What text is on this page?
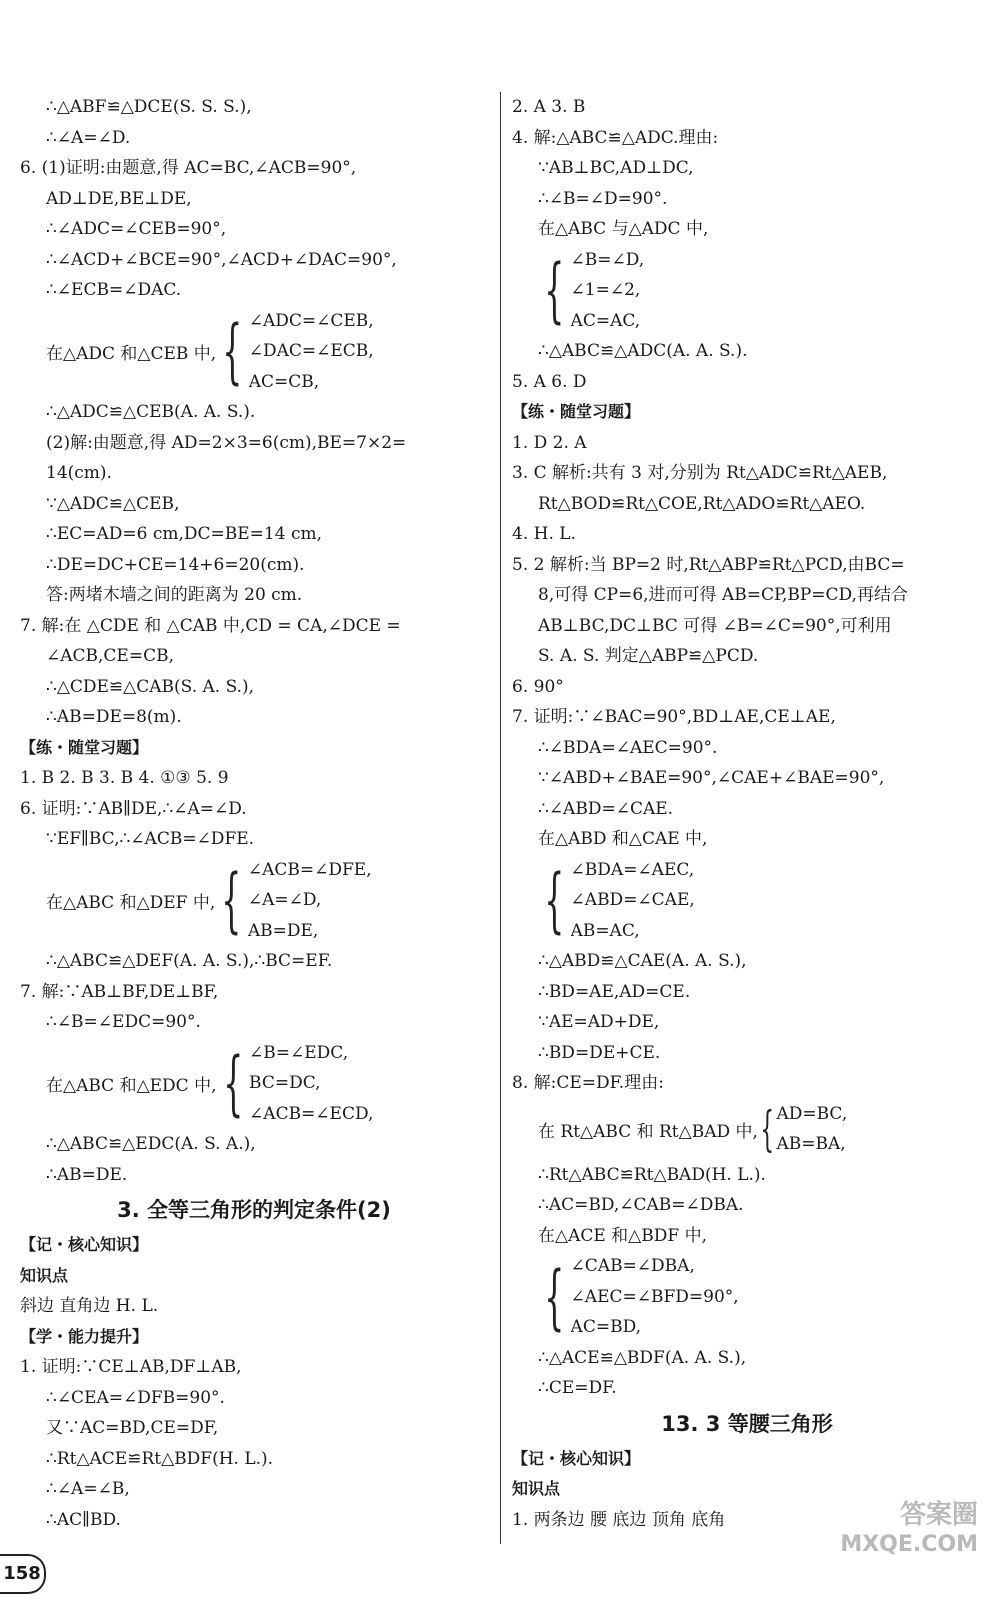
∴△ABF≌△DCE(S. S. S.),
∴∠A=∠D.
6. (1)证明:由题意,得 AC=BC,∠ACB=90°,
AD⊥DE,BE⊥DE,
∴∠ADC=∠CEB=90°,
∴∠ACD+∠BCE=90°,∠ACD+∠DAC=90°,
∴∠ECB=∠DAC.
在△ADC 和△CEB 中, { ∠ADC=∠CEB,
∠DAC=∠ECB,
AC=CB,
∴△ADC≌△CEB(A. A. S.).
(2)解:由题意,得 AD=2×3=6(cm),BE=7×2=
14(cm).
∵△ADC≌△CEB,
∴EC=AD=6 cm,DC=BE=14 cm,
∴DE=DC+CE=14+6=20(cm).
答:两堵木墙之间的距离为 20 cm.
7. 解:在 △CDE 和 △CAB 中,CD = CA,∠DCE =
∠ACB,CE=CB,
∴△CDE≌△CAB(S. A. S.),
∴AB=DE=8(m).
【练・随堂习题】
1. B 2. B 3. B 4. ①③ 5. 9
6. 证明:∵AB∥DE,∴∠A=∠D.
∵EF∥BC,∴∠ACB=∠DFE.
在△ABC 和△DEF 中, { ∠ACB=∠DFE,
∠A=∠D,
AB=DE,
∴△ABC≌△DEF(A. A. S.),∴BC=EF.
7. 解:∵AB⊥BF,DE⊥BF,
∴∠B=∠EDC=90°.
在△ABC 和△EDC 中, { ∠B=∠EDC,
BC=DC,
∠ACB=∠ECD,
∴△ABC≌△EDC(A. S. A.),
∴AB=DE.
3. 全等三角形的判定条件(2)
【记・核心知识】
知识点
斜边 直角边 H. L.
【学・能力提升】
1. 证明:∵CE⊥AB,DF⊥AB,
∴∠CEA=∠DFB=90°.
又∵AC=BD,CE=DF,
∴Rt△ACE≌Rt△BDF(H. L.).
∴∠A=∠B,
∴AC∥BD.
2. A 3. B
4. 解:△ABC≌△ADC.理由:
∵AB⊥BC,AD⊥DC,
∴∠B=∠D=90°.
在△ABC 与△ADC 中,
{ ∠B=∠D,
∠1=∠2,
AC=AC,
∴△ABC≌△ADC(A. A. S.).
5. A 6. D
【练・随堂习题】
1. D 2. A
3. C 解析:共有 3 对,分别为 Rt△ADC≌Rt△AEB,
Rt△BOD≌Rt△COE,Rt△ADO≌Rt△AEO.
4. H. L.
5. 2 解析:当 BP=2 时,Rt△ABP≌Rt△PCD,由BC=
8,可得 CP=6,进而可得 AB=CP,BP=CD,再结合
AB⊥BC,DC⊥BC 可得 ∠B=∠C=90°,可利用
S. A. S. 判定△ABP≌△PCD.
6. 90°
7. 证明:∵∠BAC=90°,BD⊥AE,CE⊥AE,
∴∠BDA=∠AEC=90°.
∵∠ABD+∠BAE=90°,∠CAE+∠BAE=90°,
∴∠ABD=∠CAE.
在△ABD 和△CAE 中,
{ ∠BDA=∠AEC,
∠ABD=∠CAE,
AB=AC,
∴△ABD≌△CAE(A. A. S.),
∴BD=AE,AD=CE.
∵AE=AD+DE,
∴BD=DE+CE.
8. 解:CE=DF.理由:
在 Rt△ABC 和 Rt△BAD 中, { AD=BC,
AB=BA,
∴Rt△ABC≌Rt△BAD(H. L.).
∴AC=BD,∠CAB=∠DBA.
在△ACE 和△BDF 中,
{ ∠CAB=∠DBA,
∠AEC=∠BFD=90°,
AC=BD,
∴△ACE≌△BDF(A. A. S.),
∴CE=DF.
13. 3 等腰三角形
【记・核心知识】
知识点
1. 两条边 腰 底边 顶角 底角
158
答案圈
MXQE.COM
